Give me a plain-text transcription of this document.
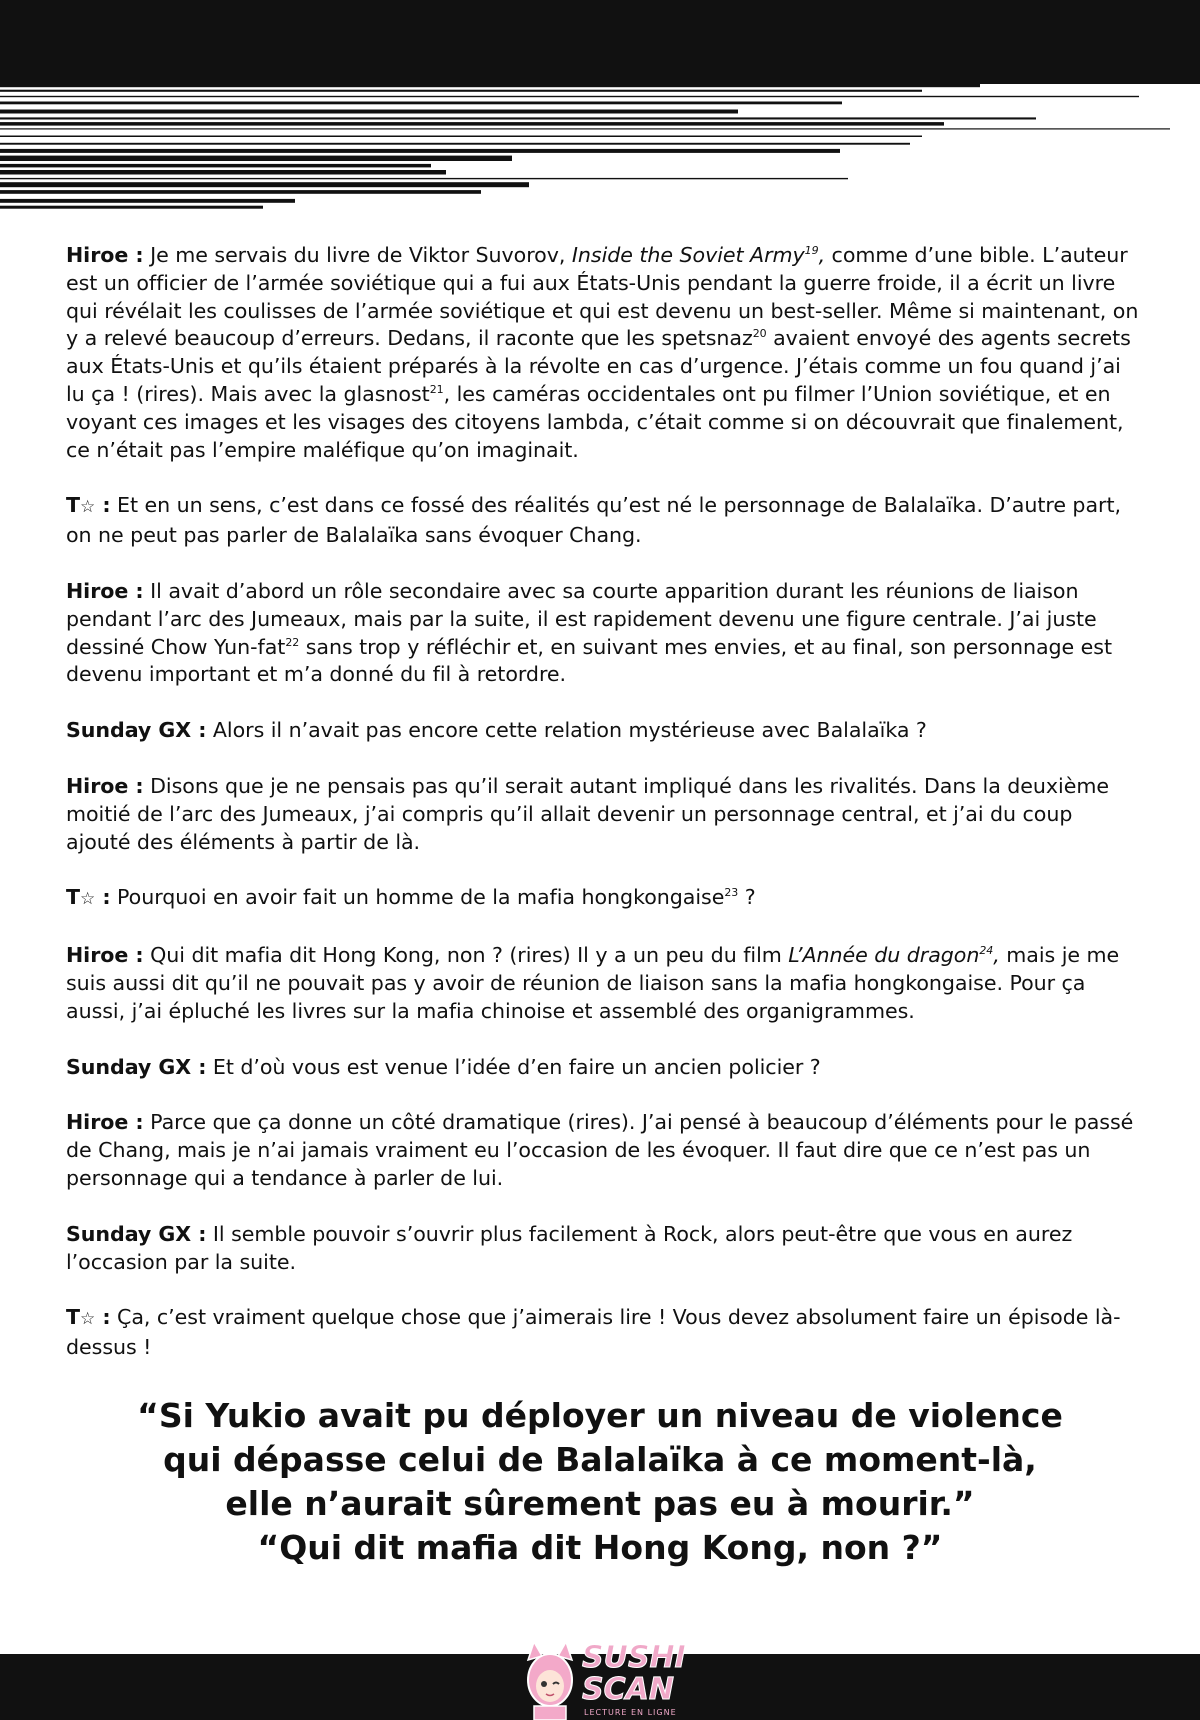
Hiroe : Je me servais du livre de Viktor Suvorov, Inside the Soviet Army$^{19}$, comme d’une bible. L’auteur est un officier de l’armée soviétique qui a fui aux États-Unis pendant la guerre froide, il a écrit un livre qui révélait les coulisses de l’armée soviétique et qui est devenu un best-seller. Même si maintenant, on y a relevé beaucoup d’erreurs. Dedans, il raconte que les spetsnaz$^{20}$ avaient envoyé des agents secrets aux États-Unis et qu’ils étaient préparés à la révolte en cas d’urgence. J’étais comme un fou quand j’ai lu ça ! (rires). Mais avec la glasnost$^{21}$, les caméras occidentales ont pu filmer l’Union soviétique, et en voyant ces images et les visages des citoyens lambda, c’était comme si on découvrait que finalement, ce n’était pas l’empire maléfique qu’on imaginait.

T☆ : Et en un sens, c’est dans ce fossé des réalités qu’est né le personnage de Balalaïka. D’autre part, on ne peut pas parler de Balalaïka sans évoquer Chang.

Hiroe : Il avait d’abord un rôle secondaire avec sa courte apparition durant les réunions de liaison pendant l’arc des Jumeaux, mais par la suite, il est rapidement devenu une figure centrale. J’ai juste dessiné Chow Yun-fat$^{22}$ sans trop y réfléchir et, en suivant mes envies, et au final, son personnage est devenu important et m’a donné du fil à retordre.

Sunday GX : Alors il n’avait pas encore cette relation mystérieuse avec Balalaïka ?

Hiroe : Disons que je ne pensais pas qu’il serait autant impliqué dans les rivalités. Dans la deuxième moitié de l’arc des Jumeaux, j’ai compris qu’il allait devenir un personnage central, et j’ai du coup ajouté des éléments à partir de là.

T☆ : Pourquoi en avoir fait un homme de la mafia hongkongaise$^{23}$ ?

Hiroe : Qui dit mafia dit Hong Kong, non ? (rires) Il y a un peu du film L’Année du dragon$^{24}$, mais je me suis aussi dit qu’il ne pouvait pas y avoir de réunion de liaison sans la mafia hongkongaise. Pour ça aussi, j’ai épluché les livres sur la mafia chinoise et assemblé des organigrammes.

Sunday GX : Et d’où vous est venue l’idée d’en faire un ancien policier ?

Hiroe : Parce que ça donne un côté dramatique (rires). J’ai pensé à beaucoup d’éléments pour le passé de Chang, mais je n’ai jamais vraiment eu l’occasion de les évoquer. Il faut dire que ce n’est pas un personnage qui a tendance à parler de lui.

Sunday GX : Il semble pouvoir s’ouvrir plus facilement à Rock, alors peut-être que vous en aurez l’occasion par la suite.

T☆ : Ça, c’est vraiment quelque chose que j’aimerais lire ! Vous devez absolument faire un épisode là-dessus !

“Si Yukio avait pu déployer un niveau de violence
qui dépasse celui de Balalaïka à ce moment-là,
elle n’aurait sûrement pas eu à mourir.”
“Qui dit mafia dit Hong Kong, non ?”
SUSHI
SCAN
LECTURE EN LIGNE
